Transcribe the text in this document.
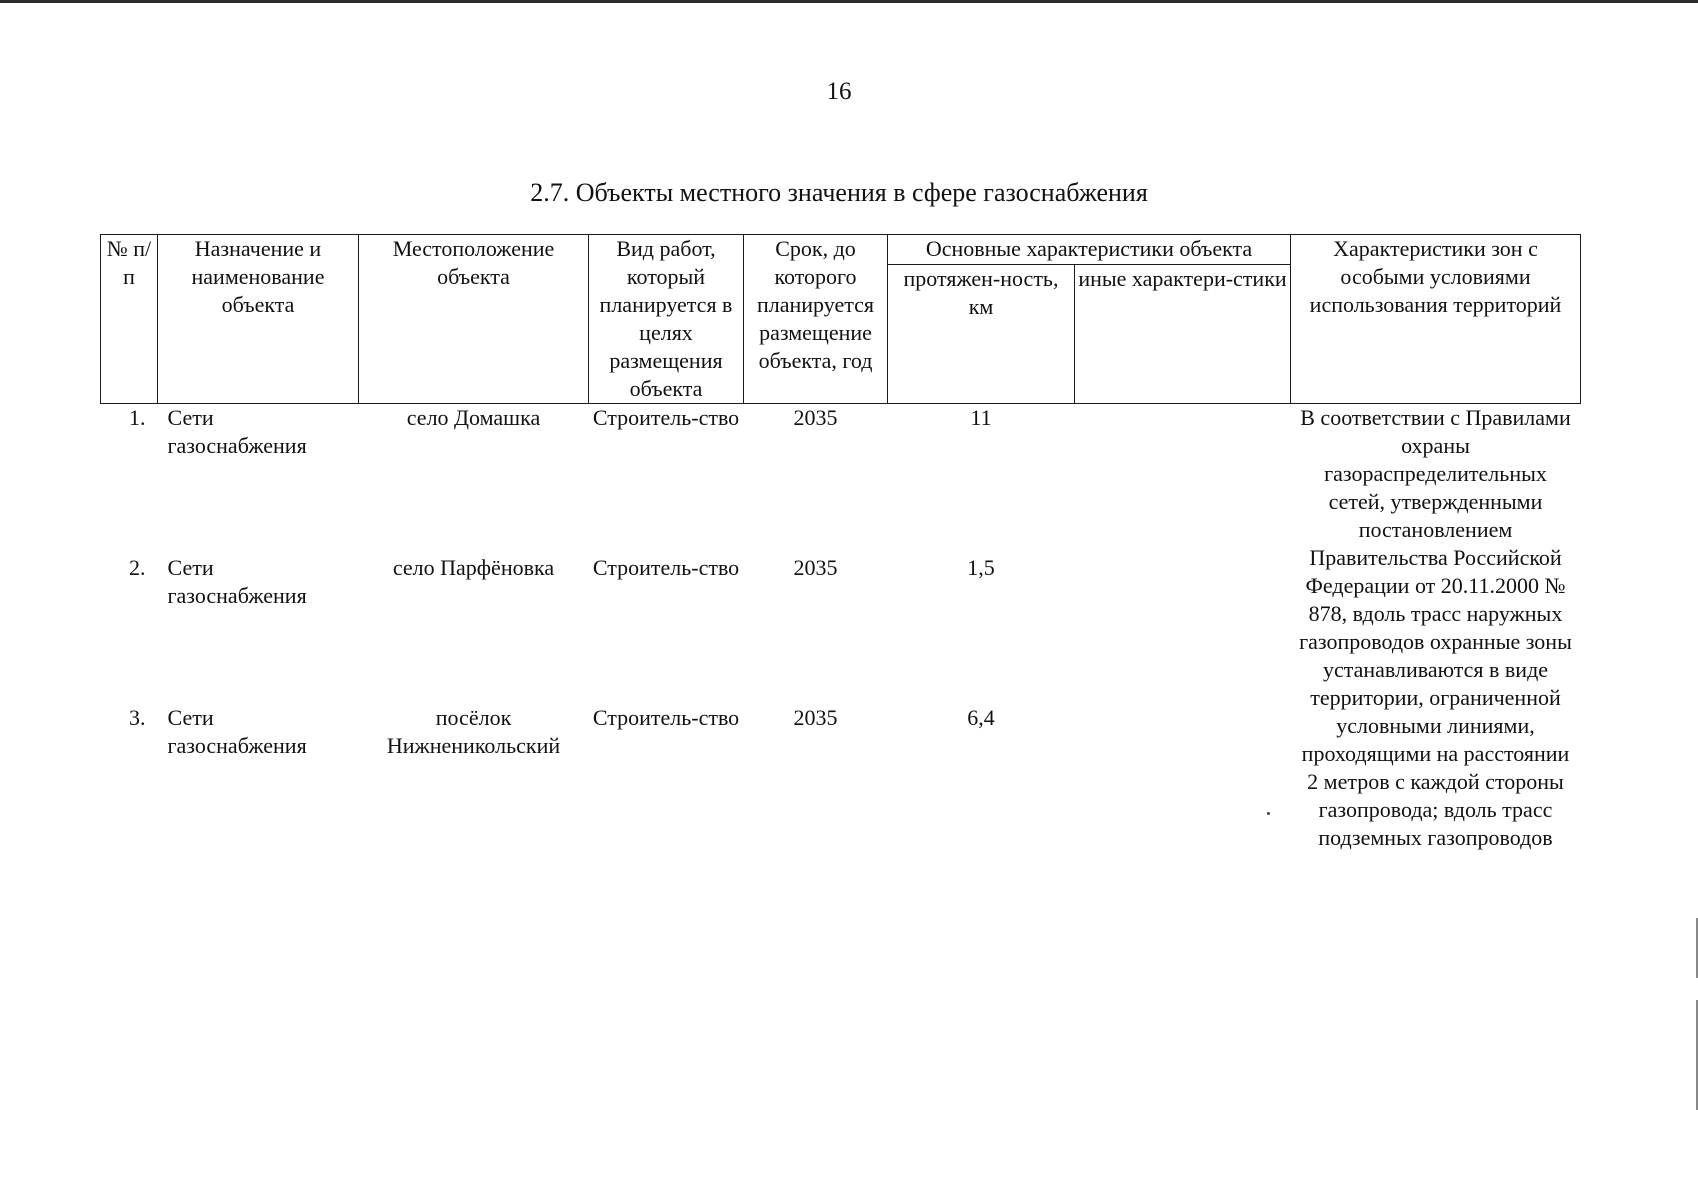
16
2.7. Объекты местного значения в сфере газоснабжения
№ п/п	Назначение и наименование объекта	Местоположение объекта	Вид работ, который планируется в целях размещения объекта	Срок, до которого планируется размещение объекта, год	Основные характеристики объекта		Характеристики зон с особыми условиями использования территорий
					протяжен-ность, км	иные характери-стики	
1.	Сети газоснабжения	село Домашка	Строитель-ство	2035	11		В соответствии с Правилами охраны газораспределительных сетей, утвержденными постановлением Правительства Российской Федерации от 20.11.2000 № 878, вдоль трасс наружных газопроводов охранные зоны устанавливаются в виде территории, ограниченной условными линиями, проходящими на расстоянии 2 метров с каждой стороны газопровода; вдоль трасс подземных газопроводов
2.	Сети газоснабжения	село Парфёновка	Строитель-ство	2035	1,5		
3.	Сети газоснабжения	посёлок Нижненикольский	Строитель-ство	2035	6,4		
